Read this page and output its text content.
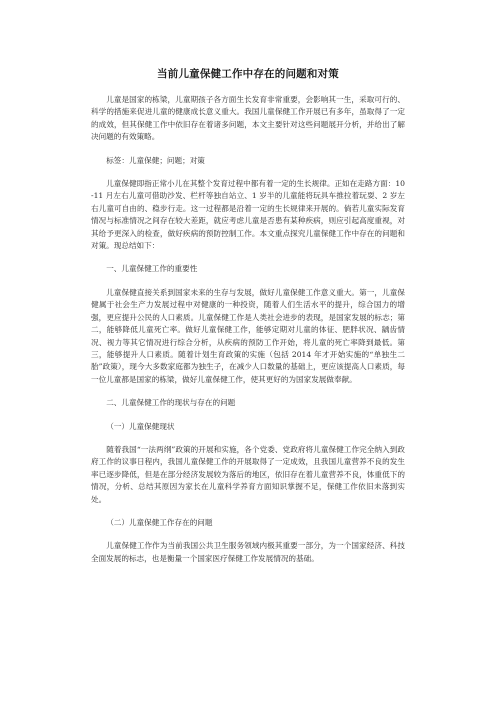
当前儿童保健工作中存在的问题和对策

儿童是国家的栋梁，儿童期孩子各方面生长发育非常重要，会影响其一生，采取可行的、科学的措施来促进儿童的健康成长意义重大。我国儿童保健工作开展已有多年，虽取得了一定的成效，但其保健工作中依旧存在着诸多问题，本文主要针对这些问题展开分析，并给出了解决问题的有效策略。

标签：儿童保健；问题；对策

儿童保健即指正常小儿在其整个发育过程中都有着一定的生长规律。正如在走路方面：10-11 月左右儿童可借助沙发、栏杆等独自站立、1 岁半的儿童能将玩具车推拉着玩耍、2 岁左右儿童可自由的、稳步行走。这一过程都是沿着一定的生长规律来开展的。倘若儿童实际发育情况与标准情况之间存在较大差距，就应考虑儿童是否患有某种疾病，则应引起高度重视，对其给予更深入的检查，做好疾病的预防控制工作。本文重点探究儿童保健工作中存在的问题和对策。现总结如下：

一、儿童保健工作的重要性

儿童保健直接关系到国家未来的生存与发展，做好儿童保健工作意义重大。第一，儿童保健属于社会生产力发展过程中对健康的一种投资，随着人们生活水平的提升，综合国力的增强，更应提升公民的人口素质。儿童保健工作是人类社会进步的表现，是国家发展的标志；第二，能够降低儿童死亡率。做好儿童保健工作，能够定期对儿童的体征、肥胖状况、龋齿情况、视力等其它情况进行综合分析，从疾病的预防工作开始，将儿童的死亡率降到最低。第三，能够提升人口素质。随着计划生育政策的实施（包括 2014 年才开始实施的“单独生二胎”政策），现今大多数家庭都为独生子，在减少人口数量的基础上，更应该提高人口素质，每一位儿童都是国家的栋梁，做好儿童保健工作，使其更好的为国家发展做奉献。

二、儿童保健工作的现状与存在的问题

（一）儿童保健现状

随着我国“一法两纲”政策的开展和实施，各个党委、党政府将儿童保健工作完全纳入到政府工作的议事日程内，我国儿童保健工作的开展取得了一定成效，且我国儿童营养不良的发生率已逐步降低，但是在部分经济发展较为落后的地区，依旧存在着儿童营养不良，体重低下的情况，分析、总结其原因为家长在儿童科学养育方面知识掌握不足，保健工作依旧未落到实处。

（二）儿童保健工作存在的问题

儿童保健工作作为当前我国公共卫生服务领域内极其重要一部分，为一个国家经济、科技全面发展的标志，也是衡量一个国家医疗保健工作发展情况的基础。
